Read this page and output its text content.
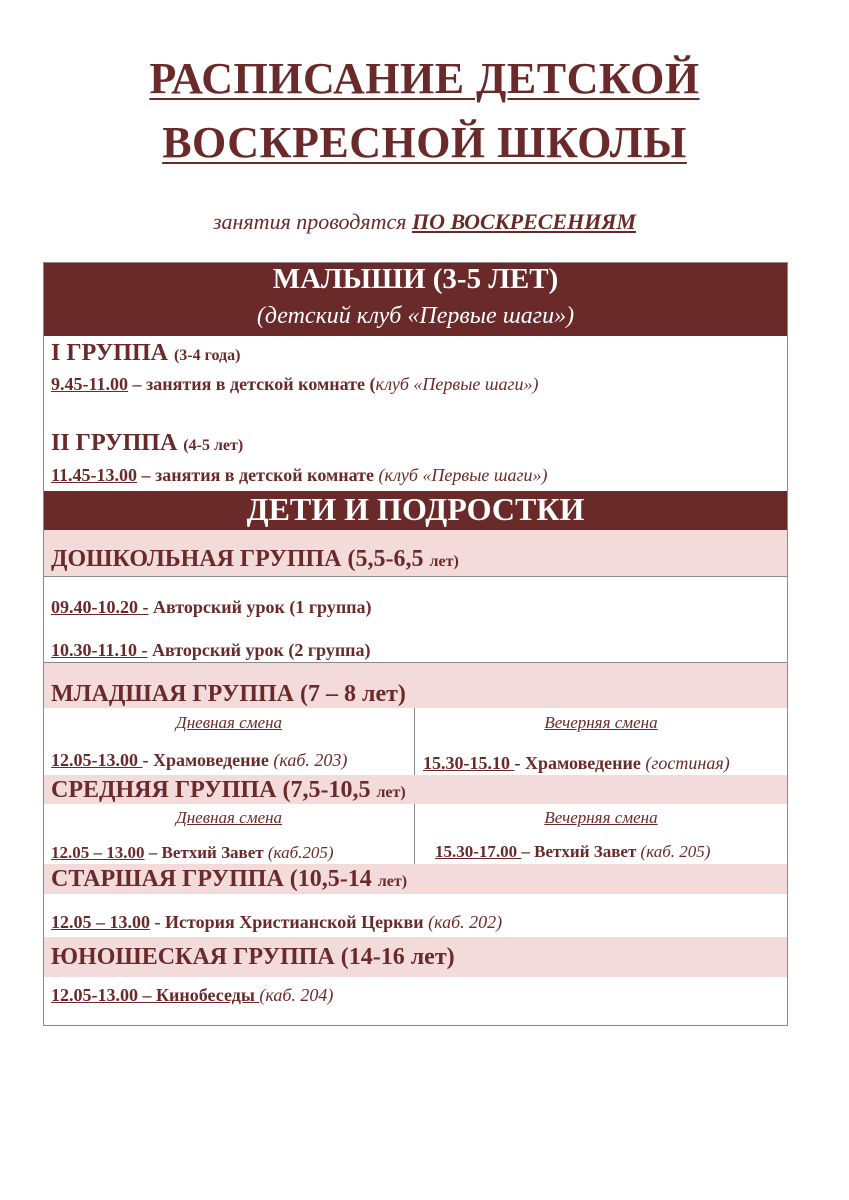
РАСПИСАНИЕ ДЕТСКОЙ
ВОСКРЕСНОЙ ШКОЛЫ
занятия проводятся ПО ВОСКРЕСЕНИЯМ
МАЛЫШИ (3-5 ЛЕТ)
(детский клуб «Первые шаги»)
I ГРУППА (3-4 года)
9.45-11.00 – занятия в детской комнате (клуб «Первые шаги»)
II ГРУППА (4-5 лет)
11.45-13.00 – занятия в детской комнате (клуб «Первые шаги»)
ДЕТИ И ПОДРОСТКИ
ДОШКОЛЬНАЯ ГРУППА (5,5-6,5 лет)
09.40-10.20 - Авторский урок (1 группа)
10.30-11.10 - Авторский урок (2 группа)
МЛАДШАЯ ГРУППА (7 – 8 лет)
Дневная смена	Вечерняя смена
12.05-13.00 - Храмоведение (каб. 203)	15.30-15.10 - Храмоведение (гостиная)
СРЕДНЯЯ ГРУППА (7,5-10,5 лет)
Дневная смена	Вечерняя смена
12.05 – 13.00 – Ветхий Завет (каб.205)	15.30-17.00 – Ветхий Завет (каб. 205)
СТАРШАЯ ГРУППА (10,5-14 лет)
12.05 – 13.00 - История Христианской Церкви (каб. 202)
ЮНОШЕСКАЯ ГРУППА (14-16 лет)
12.05-13.00 – Кинобеседы (каб. 204)
